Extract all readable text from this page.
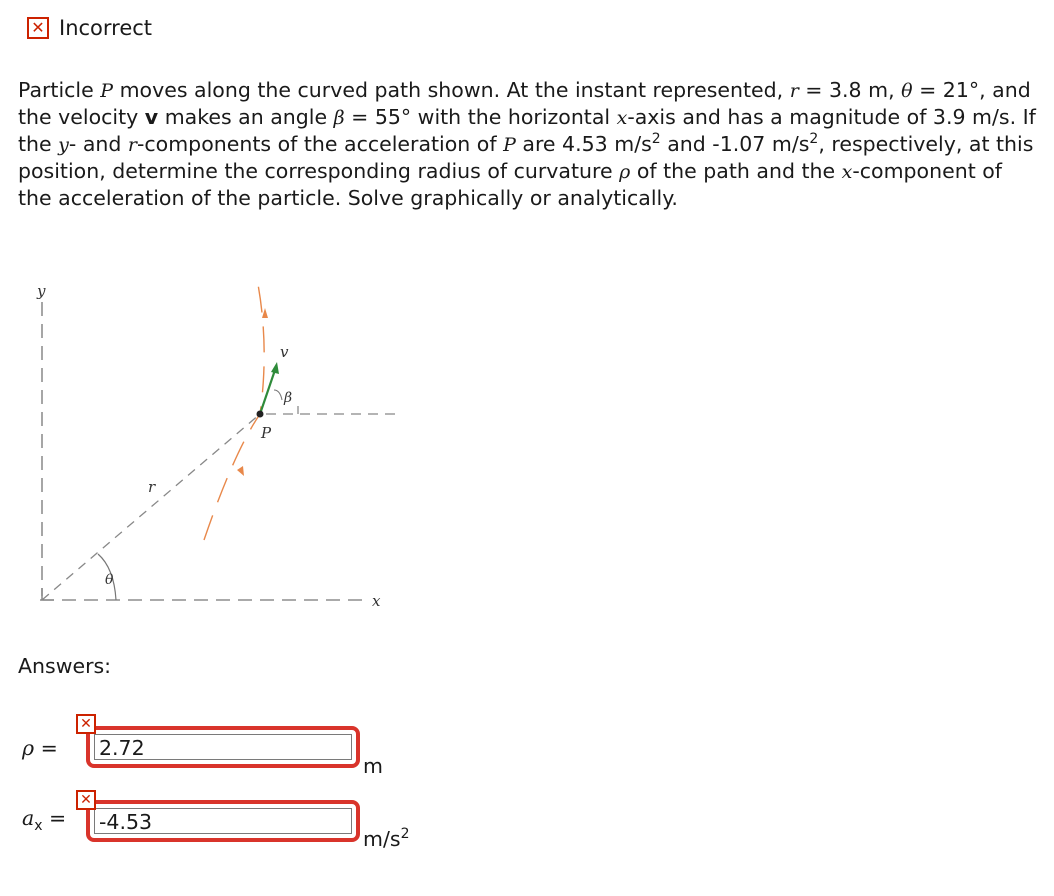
✕ Incorrect
Particle P moves along the curved path shown. At the instant represented, r = 3.8 m, θ = 21°, and the velocity v makes an angle β = 55° with the horizontal x-axis and has a magnitude of 3.9 m/s. If the y- and r-components of the acceleration of P are 4.53 $m/s^2$ and -1.07 $m/s^2$, respectively, at this position, determine the corresponding radius of curvature ρ of the path and the x-component of the acceleration of the particle. Solve graphically or analytically.
y
x
r
θ
v
β
P
Answers:
ρ =
✕
2.72
m
$a_x$ =
✕
-4.53
$m/s^2$
